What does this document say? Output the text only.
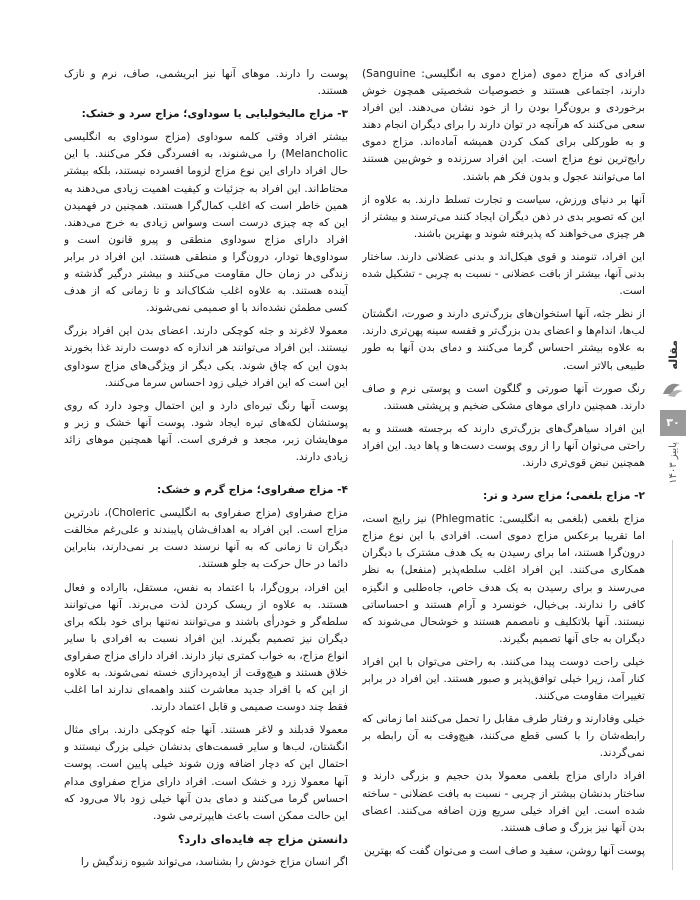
افرادی که مزاج دموی (مزاج دموی به انگلیسی: Sanguine) دارند، اجتماعی هستند و خصوصیات شخصیتی همچون خوش برخوردی و برون‌گرا بودن را از خود نشان می‌دهند. این افراد سعی می‌کنند که هرآنچه در توان دارند را برای دیگران انجام دهند و به طورکلی برای کمک کردن همیشه آماده‌اند. مزاج دموی رایج‌ترین نوع مزاج است. این افراد سرزنده و خوش‌بین هستند اما می‌توانند عجول و بدون فکر هم باشند.

آنها بر دنیای ورزش، سیاست و تجارت تسلط دارند. به علاوه از این که تصویر بدی در ذهن دیگران ایجاد کنند می‌ترسند و بیشتر از هر چیزی می‌خواهند که پذیرفته شوند و بهترین باشند.

این افراد، تنومند و قوی هیکل‌اند و بدنی عضلانی دارند. ساختار بدنی آنها، بیشتر از بافت عضلانی - نسبت به چربی - تشکیل شده است.

از نظر جثه، آنها استخوان‌های بزرگ‌تری دارند و صورت، انگشتان لب‌ها، اندام‌ها و اعضای بدن بزرگ‌تر و قفسه سینه پهن‌تری دارند. به علاوه بیشتر احساس گرما می‌کنند و دمای بدن آنها به طور طبیعی بالاتر است.

رنگ صورت آنها صورتی و گلگون است و پوستی نرم و صاف دارند. همچنین دارای موهای مشکی ضخیم و پرپشتی هستند.

این افراد سیاهرگ‌های بزرگ‌تری دارند که برجسته هستند و به راحتی می‌توان آنها را از روی پوست دست‌ها و پاها دید. این افراد همچنین نبض قوی‌تری دارند.

۲- مزاج بلغمی؛ مزاج سرد و تر:

مزاج بلغمی (بلغمی به انگلیسی: Phlegmatic) نیز رایج است، اما تقریبا برعکس مزاج دموی است. افرادی با این نوع مزاج درون‌گرا هستند، اما برای رسیدن به یک هدف مشترک با دیگران همکاری می‌کنند. این افراد اغلب سلطه‌پذیر (منفعل) به نظر می‌رسند و برای رسیدن به یک هدف خاص، جاه‌طلبی و انگیزه کافی را ندارند. بی‌خیال، خونسرد و آرام هستند و احساساتی نیستند. آنها بلاتکلیف و نامصمم هستند و خوشحال می‌شوند که دیگران به جای آنها تصمیم بگیرند.

خیلی راحت دوست پیدا می‌کنند. به راحتی می‌توان با این افراد کنار آمد، زیرا خیلی توافق‌پذیر و صبور هستند. این افراد در برابر تغییرات مقاومت می‌کنند.

خیلی وفادارند و رفتار طرف مقابل را تحمل می‌کنند اما زمانی که رابطه‌شان را با کسی قطع می‌کنند، هیچ‌وقت به آن رابطه بر نمی‌گردند.

افراد دارای مزاج بلغمی معمولا بدن حجیم و بزرگی دارند و ساختار بدنشان بیشتر از چربی - نسبت به بافت عضلانی - ساخته شده است. این افراد خیلی سریع وزن اضافه می‌کنند. اعضای بدن آنها نیز بزرگ و صاف هستند.

پوست آنها روشن، سفید و صاف است و می‌توان گفت که بهترین

پوست را دارند. موهای آنها نیز ابریشمی، صاف، نرم و نازک هستند.

۳- مزاج مالیخولیایی یا سوداوی؛ مزاج سرد و خشک:

بیشتر افراد وقتی کلمه سوداوی (مزاج سوداوی به انگلیسی Melancholic) را می‌شنوند، به افسردگی فکر می‌کنند. با این حال افراد دارای این نوع مزاج لزوما افسرده نیستند، بلکه بیشتر محتاط‌اند. این افراد به جزئیات و کیفیت اهمیت زیادی می‌دهند به همین خاطر است که اغلب کمال‌گرا هستند. همچنین در فهمیدن این که چه چیزی درست است وسواس زیادی به خرج می‌دهند. افراد دارای مزاج سوداوی منطقی و پیرو قانون است و سوداوی‌ها تودار، درون‌گرا و منطقی هستند. این افراد در برابر زندگی در زمان حال مقاومت می‌کنند و بیشتر درگیر گذشته و آینده هستند. به علاوه اغلب شکاک‌اند و تا زمانی که از هدف کسی مطمئن نشده‌اند با او صمیمی نمی‌شوند.

معمولا لاغرند و جثه کوچکی دارند. اعضای بدن این افراد بزرگ نیستند. این افراد می‌توانند هر اندازه که دوست دارند غذا بخورند بدون این که چاق شوند. یکی دیگر از ویژگی‌های مزاج سوداوی این است که این افراد خیلی زود احساس سرما می‌کنند.

پوست آنها رنگ تیره‌ای دارد و این احتمال وجود دارد که روی پوستشان لکه‌های تیره ایجاد شود. پوست آنها خشک و زبر و موهایشان زبر، مجعد و فرفری است. آنها همچنین موهای زائد زیادی دارند.

۴- مزاج صفراوی؛ مزاج گرم و خشک:

مزاج صفراوی (مزاج صفراوی به انگلیسی Choleric)، نادرترین مزاج است. این افراد به اهداف‌شان پایبندند و علی‌رغم مخالفت دیگران تا زمانی که به آنها نرسند دست بر نمی‌دارند، بنابراین دائما در حال حرکت به جلو هستند.

این افراد، برون‌گرا، با اعتماد به نفس، مستقل، بااراده و فعال هستند. به علاوه از ریسک کردن لذت می‌برند. آنها می‌توانند سلطه‌گر و خودرأی باشند و می‌توانند نه‌تنها برای خود بلکه برای دیگران نیز تصمیم بگیرند. این افراد نسبت به افرادی با سایر انواع مزاج، به خواب کمتری نیاز دارند. افراد دارای مزاج صفراوی خلاق هستند و هیچ‌وقت از ایده‌پردازی خسته نمی‌شوند. به علاوه از این که با افراد جدید معاشرت کنند واهمه‌ای ندارند اما اغلب فقط چند دوست صمیمی و قابل اعتماد دارند.

معمولا قدبلند و لاغر هستند. آنها جثه کوچکی دارند. برای مثال انگشتان، لب‌ها و سایر قسمت‌های بدنشان خیلی بزرگ نیستند و احتمال این که دچار اضافه وزن شوند خیلی پایین است. پوست آنها معمولا زرد و خشک است. افراد دارای مزاج صفراوی مدام احساس گرما می‌کنند و دمای بدن آنها خیلی زود بالا می‌رود که این حالت ممکن است باعث هایپرترمی شود.

دانستن مزاج چه فایده‌ای دارد؟

اگر انسان مزاج خودش را بشناسد، می‌تواند شیوه زندگیش را

مقاله
۳۰
پاییز ۱۴۰۳
